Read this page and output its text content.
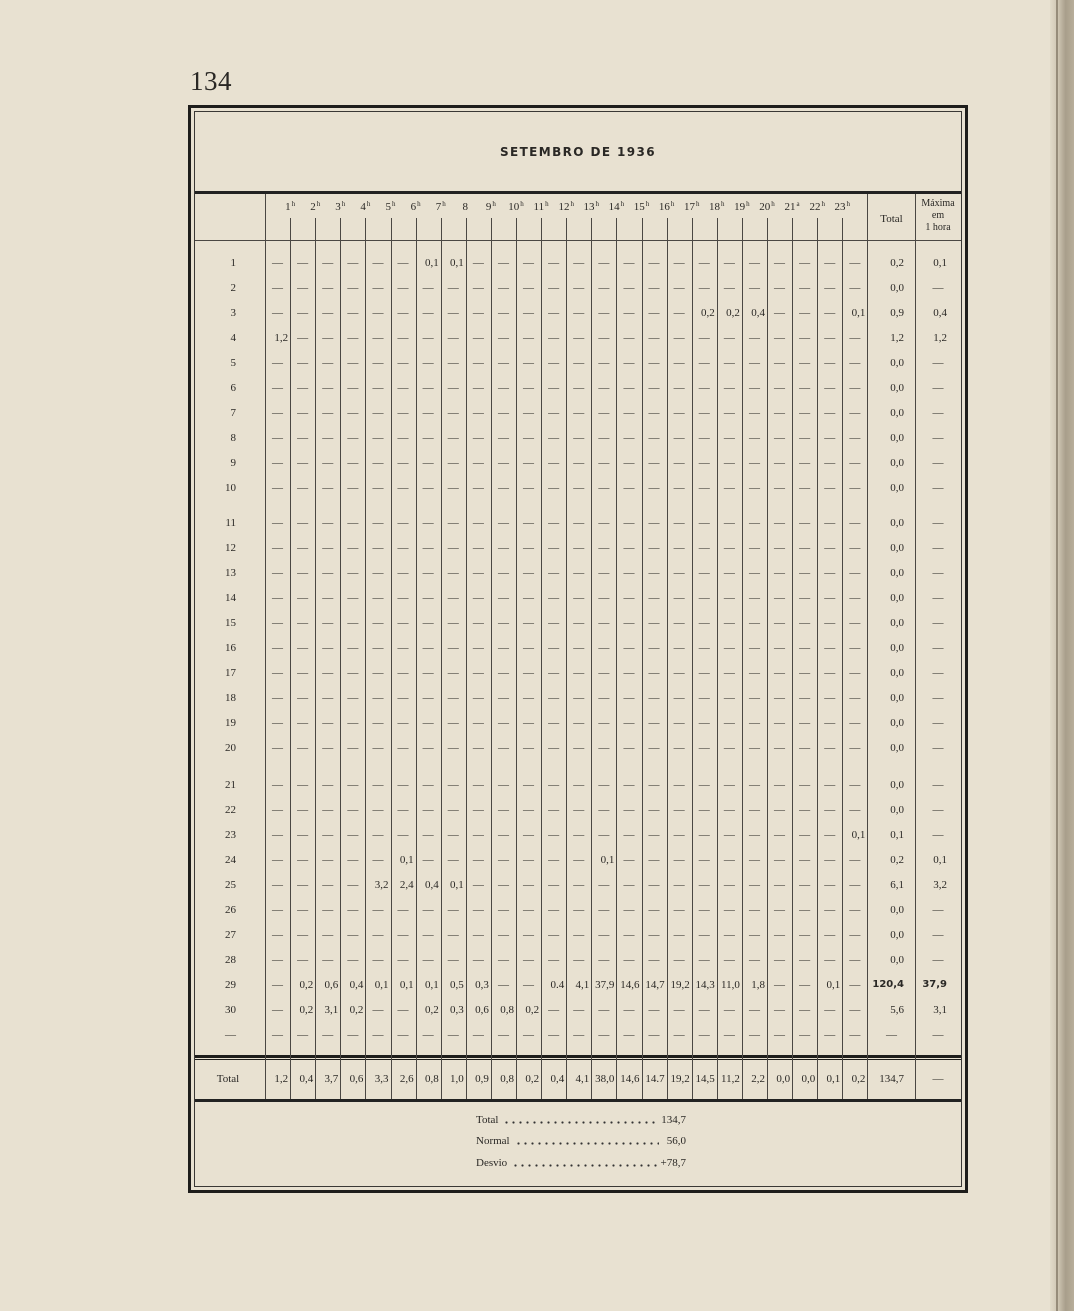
134
SETEMBRO DE 1936
Total
Máxima
em
1 hora
Total	134,7
Normal	56,0
Desvio	+78,7
1$^h$	2$^h$	3$^h$	4$^h$	5$^h$	6$^h$	7$^h$	8	9$^h$	10$^h$ 11$^h$ 12$^h$ 13$^h$ 14$^h$ 15$^h$ 16$^h$ 17$^h$ 18$^h$ 19$^h$ 20$^h$ 21$^a$ 22$^h$ 23$^h$
1	—	—	—	—	—	—	0,1	0,1 —	—	—	—	—	—	—	—	—	—	—	—	—	—	—	—	0,2	0,1
2	—	—	—	—	—	—	—	—	—	—	—	—	—	—	—	—	—	—	—	—	—	—	—	—	0,0	—
3	—	—	—	—	—	—	—	—	—	—	—	—	—	—	—	—	—	0,2	0,2	0,4 —	—	—	0,1	0,9	0,4
4	1,2 —	—	—	—	—	—	—	—	—	—	—	—	—	—	—	—	—	—	—	—	—	—	—	1,2	1,2
5	—	—	—	—	—	—	—	—	—	—	—	—	—	—	—	—	—	—	—	—	—	—	—	—	0,0	—
6	—	—	—	—	—	—	—	—	—	—	—	—	—	—	—	—	—	—	—	—	—	—	—	—	0,0	—
7	—	—	—	—	—	—	—	—	—	—	—	—	—	—	—	—	—	—	—	—	—	—	—	—	0,0	—
8	—	—	—	—	—	—	—	—	—	—	—	—	—	—	—	—	—	—	—	—	—	—	—	—	0,0	—
9	—	—	—	—	—	—	—	—	—	—	—	—	—	—	—	—	—	—	—	—	—	—	—	—	0,0	—
10	—	—	—	—	—	—	—	—	—	—	—	—	—	—	—	—	—	—	—	—	—	—	—	—	0,0	—
11	—	—	—	—	—	—	—	—	—	—	—	—	—	—	—	—	—	—	—	—	—	—	—	—	0,0	—
12	—	—	—	—	—	—	—	—	—	—	—	—	—	—	—	—	—	—	—	—	—	—	—	—	0,0	—
13	—	—	—	—	—	—	—	—	—	—	—	—	—	—	—	—	—	—	—	—	—	—	—	—	0,0	—
14	—	—	—	—	—	—	—	—	—	—	—	—	—	—	—	—	—	—	—	—	—	—	—	—	0,0	—
15	—	—	—	—	—	—	—	—	—	—	—	—	—	—	—	—	—	—	—	—	—	—	—	—	0,0	—
16	—	—	—	—	—	—	—	—	—	—	—	—	—	—	—	—	—	—	—	—	—	—	—	—	0,0	—
17	—	—	—	—	—	—	—	—	—	—	—	—	—	—	—	—	—	—	—	—	—	—	—	—	0,0	—
18	—	—	—	—	—	—	—	—	—	—	—	—	—	—	—	—	—	—	—	—	—	—	—	—	0,0	—
19	—	—	—	—	—	—	—	—	—	—	—	—	—	—	—	—	—	—	—	—	—	—	—	—	0,0	—
20	—	—	—	—	—	—	—	—	—	—	—	—	—	—	—	—	—	—	—	—	—	—	—	—	0,0	—
21	—	—	—	—	—	—	—	—	—	—	—	—	—	—	—	—	—	—	—	—	—	—	—	—	0,0	—
22	—	—	—	—	—	—	—	—	—	—	—	—	—	—	—	—	—	—	—	—	—	—	—	—	0,0	—
23	—	—	—	—	—	—	—	—	—	—	—	—	—	—	—	—	—	—	—	—	—	—	—	0,1	0,1	—
24	—	—	—	—	—	0,1 —	—	—	—	—	—	—	0,1 —	—	—	—	—	—	—	—	—	—	0,2	0,1
25	—	—	—	—	3,2	2,4	0,4	0,1 —	—	—	—	—	—	—	—	—	—	—	—	—	—	—	—	6,1	3,2
26	—	—	—	—	—	—	—	—	—	—	—	—	—	—	—	—	—	—	—	—	—	—	—	—	0,0	—
27	—	—	—	—	—	—	—	—	—	—	—	—	—	—	—	—	—	—	—	—	—	—	—	—	0,0	—
28	—	—	—	—	—	—	—	—	—	—	—	—	—	—	—	—	—	—	—	—	—	—	—	—	0,0	—
29	—	0,2	0,6	0,4	0,1	0,1	0,1	0,5	0,3 —	—	0.4	4,1 37,9 14,6 14,7 19,2 14,3 11,0	1,8 —	—	0,1 —	120,4	37,9
30	—	0,2	3,1	0,2 —	—	0,2	0,3	0,6	0,8	0,2 —	—	—	—	—	—	—	—	—	—	—	—	—	5,6	3,1
—	—	—	—	—	—	—	—	—	—	—	—	—	—	—	—	—	—	—	—	—	—	—	—	—	—	—
Total	1,2	0,4	3,7	0,6	3,3	2,6	0,8	1,0	0,9	0,8	0,2	0,4	4,1 38,0 14,6 14.7 19,2 14,5 11,2	2,2	0,0	0,0	0,1	0,2	134,7	—
